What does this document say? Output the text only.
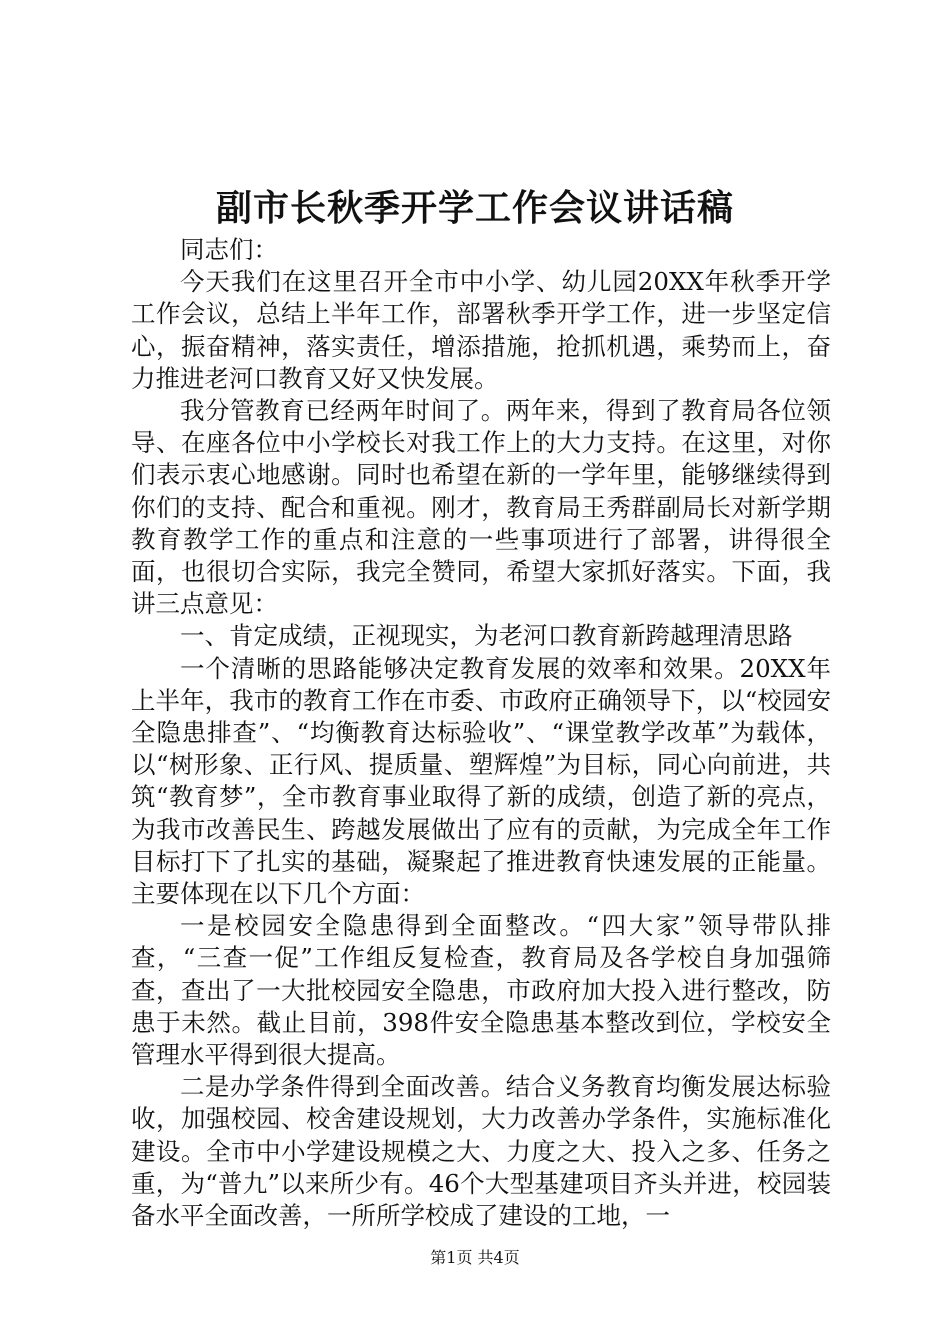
副市长秋季开学工作会议讲话稿

同志们：

今天我们在这里召开全市中小学、幼儿园20XX年秋季开学工作会议，总结上半年工作，部署秋季开学工作，进一步坚定信心，振奋精神，落实责任，增添措施，抢抓机遇，乘势而上，奋力推进老河口教育又好又快发展。

我分管教育已经两年时间了。两年来，得到了教育局各位领导、在座各位中小学校长对我工作上的大力支持。在这里，对你们表示衷心地感谢。同时也希望在新的一学年里，能够继续得到你们的支持、配合和重视。刚才，教育局王秀群副局长对新学期教育教学工作的重点和注意的一些事项进行了部署，讲得很全面，也很切合实际，我完全赞同，希望大家抓好落实。下面，我讲三点意见：

一、肯定成绩，正视现实，为老河口教育新跨越理清思路

一个清晰的思路能够决定教育发展的效率和效果。20XX年上半年，我市的教育工作在市委、市政府正确领导下，以“校园安全隐患排查”、“均衡教育达标验收”、“课堂教学改革”为载体，以“树形象、正行风、提质量、塑辉煌”为目标，同心向前进，共筑“教育梦”，全市教育事业取得了新的成绩，创造了新的亮点，为我市改善民生、跨越发展做出了应有的贡献，为完成全年工作目标打下了扎实的基础，凝聚起了推进教育快速发展的正能量。主要体现在以下几个方面：

一是校园安全隐患得到全面整改。“四大家”领导带队排查，“三查一促”工作组反复检查，教育局及各学校自身加强筛查，查出了一大批校园安全隐患，市政府加大投入进行整改，防患于未然。截止目前，398件安全隐患基本整改到位，学校安全管理水平得到很大提高。

二是办学条件得到全面改善。结合义务教育均衡发展达标验收，加强校园、校舍建设规划，大力改善办学条件，实施标准化建设。全市中小学建设规模之大、力度之大、投入之多、任务之重，为“普九”以来所少有。46个大型基建项目齐头并进，校园装备水平全面改善，一所所学校成了建设的工地，一

第1页 共4页
